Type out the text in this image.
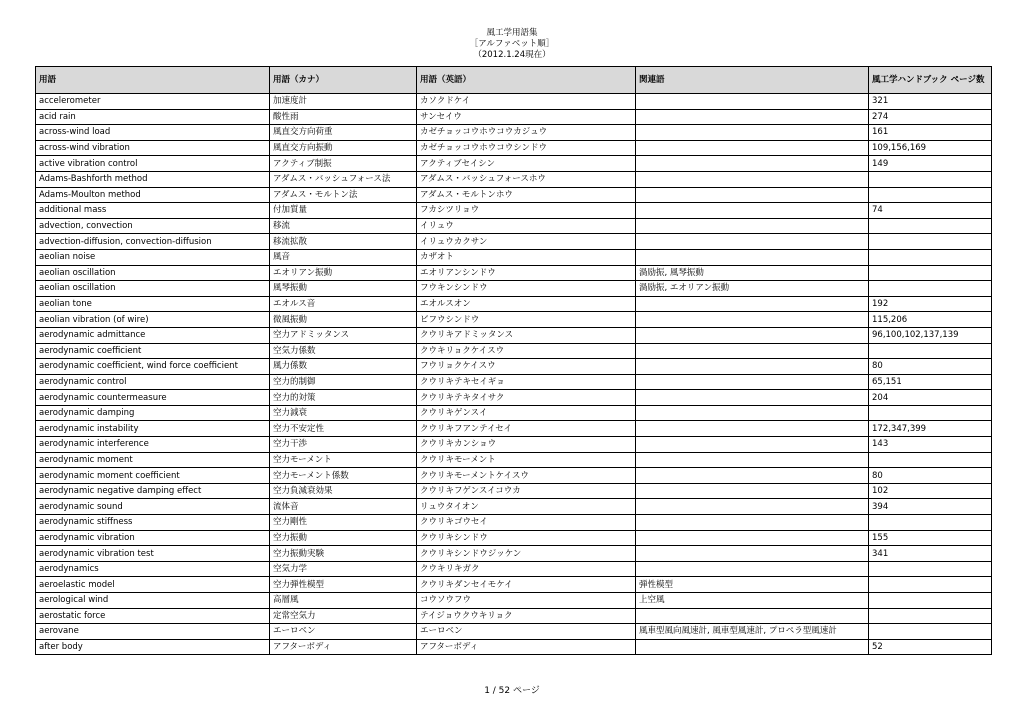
風工学用語集
［アルファベット順］
（2012.1.24現在）
用語	用語（カナ）	用語（英語）	関連語	風工学ハンドブック ページ数
accelerometer	加速度計	カソクドケイ		321
acid rain	酸性雨	サンセイウ		274
across-wind load	風直交方向荷重	カゼチョッコウホウコウカジュウ		161
across-wind vibration	風直交方向振動	カゼチョッコウホウコウシンドウ		109,156,169
active vibration control	アクティブ制振	アクティブセイシン		149
Adams-Bashforth method	アダムス・バッシュフォース法	アダムス・バッシュフォースホウ		
Adams-Moulton method	アダムス・モルトン法	アダムス・モルトンホウ		
additional mass	付加質量	フカシツリョウ		74
advection, convection	移流	イリュウ		
advection-diffusion, convection-diffusion	移流拡散	イリュウカクサン		
aeolian noise	風音	カザオト		
aeolian oscillation	エオリアン振動	エオリアンシンドウ	渦励振, 風琴振動	
aeolian oscillation	風琴振動	フウキンシンドウ	渦励振, エオリアン振動	
aeolian tone	エオルス音	エオルスオン		192
aeolian vibration (of wire)	微風振動	ビフウシンドウ		115,206
aerodynamic admittance	空力アドミッタンス	クウリキアドミッタンス		96,100,102,137,139
aerodynamic coefficient	空気力係数	クウキリョクケイスウ		
aerodynamic coefficient, wind force coefficient	風力係数	フウリョクケイスウ		80
aerodynamic control	空力的制御	クウリキテキセイギョ		65,151
aerodynamic countermeasure	空力的対策	クウリキテキタイサク		204
aerodynamic damping	空力減衰	クウリキゲンスイ		
aerodynamic instability	空力不安定性	クウリキフアンテイセイ		172,347,399
aerodynamic interference	空力干渉	クウリキカンショウ		143
aerodynamic moment	空力モーメント	クウリキモーメント		
aerodynamic moment coefficient	空力モーメント係数	クウリキモーメントケイスウ		80
aerodynamic negative damping effect	空力負減衰効果	クウリキフゲンスイコウカ		102
aerodynamic sound	流体音	リュウタイオン		394
aerodynamic stiffness	空力剛性	クウリキゴウセイ		
aerodynamic vibration	空力振動	クウリキシンドウ		155
aerodynamic vibration test	空力振動実験	クウリキシンドウジッケン		341
aerodynamics	空気力学	クウキリキガク		
aeroelastic model	空力弾性模型	クウリキダンセイモケイ	弾性模型	
aerological wind	高層風	コウソウフウ	上空風	
aerostatic force	定常空気力	テイジョウクウキリョク		
aerovane	エーロベン	エーロベン	風車型風向風速計, 風車型風速計, プロペラ型風速計	
after body	アフターボディ	アフターボディ		52
1 / 52 ページ
